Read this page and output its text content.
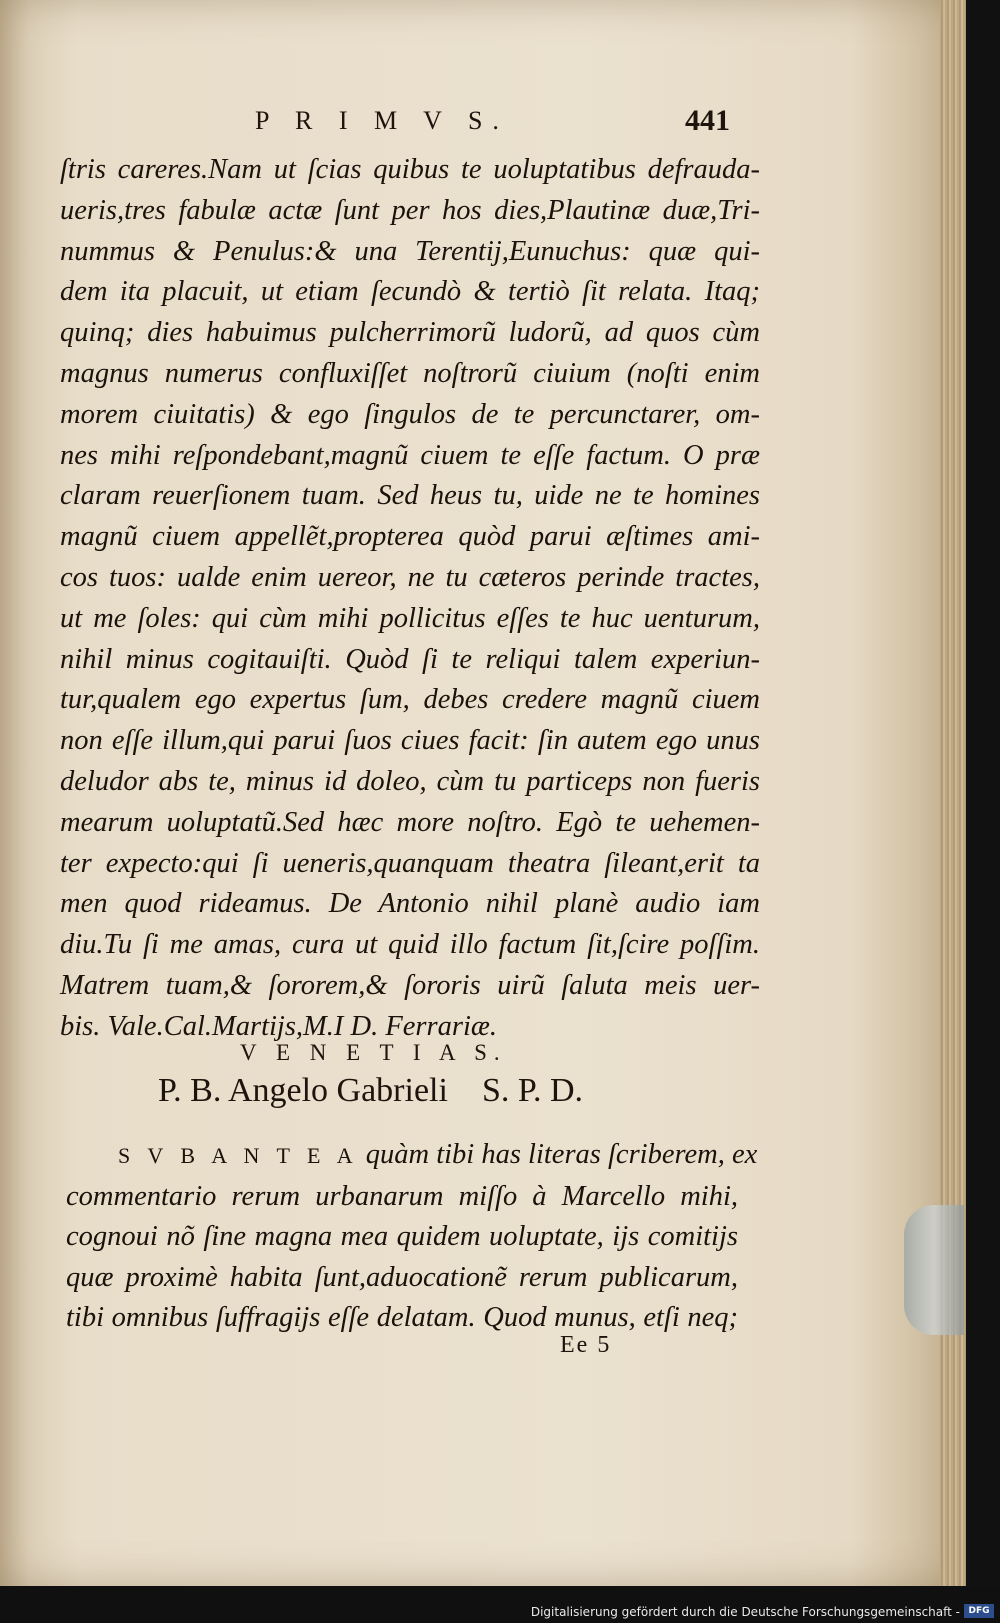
P R I M V S.	441

ſtris careres.Nam ut ſcias quibus te uoluptatibus defrauda-
ueris,tres fabulæ actæ ſunt per hos dies,Plautinæ duæ,Tri-
nummus & Penulus:& una Terentij,Eunuchus: quæ qui-
dem ita placuit, ut etiam ſecundò & tertiò ſit relata. Itaq;
quinq; dies habuimus pulcherrimorũ ludorũ, ad quos cùm
magnus numerus confluxiſſet noſtrorũ ciuium (noſti enim
morem ciuitatis) & ego ſingulos de te percunctarer, om-
nes mihi reſpondebant,magnũ ciuem te eſſe factum. O præ
claram reuerſionem tuam. Sed heus tu, uide ne te homines
magnũ ciuem appellẽt,propterea quòd parui æſtimes ami-
cos tuos: ualde enim uereor, ne tu cæteros perinde tractes,
ut me ſoles: qui cùm mihi pollicitus eſſes te huc uenturum,
nihil minus cogitauiſti. Quòd ſi te reliqui talem experiun-
tur,qualem ego expertus ſum, debes credere magnũ ciuem
non eſſe illum,qui parui ſuos ciues facit: ſin autem ego unus
deludor abs te, minus id doleo, cùm tu particeps non fueris
mearum uoluptatũ.Sed hæc more noſtro. Egò te uehemen-
ter expecto:qui ſi ueneris,quanquam theatra ſileant,erit ta
men quod rideamus. De Antonio nihil planè audio iam
diu.Tu ſi me amas, cura ut quid illo factum ſit,ſcire poſſim.
Matrem tuam,& ſororem,& ſororis uirũ ſaluta meis uer-
bis. Vale.Cal.Martijs,M.I D. Ferrariæ.

V E N E T I A S.

P. B. Angelo Gabrieli S. P. D.

S V B A N T E A quàm tibi has literas ſcriberem, ex
commentario rerum urbanarum miſſo à Marcello mihi,
cognoui nõ ſine magna mea quidem uoluptate, ijs comitijs
quæ proximè habita ſunt,aduocationẽ rerum publicarum,
tibi omnibus ſuffragijs eſſe delatam. Quod munus, etſi neq;

Ee 5
Digitalisierung gefördert durch die Deutsche Forschungsgemeinschaft - DFG
